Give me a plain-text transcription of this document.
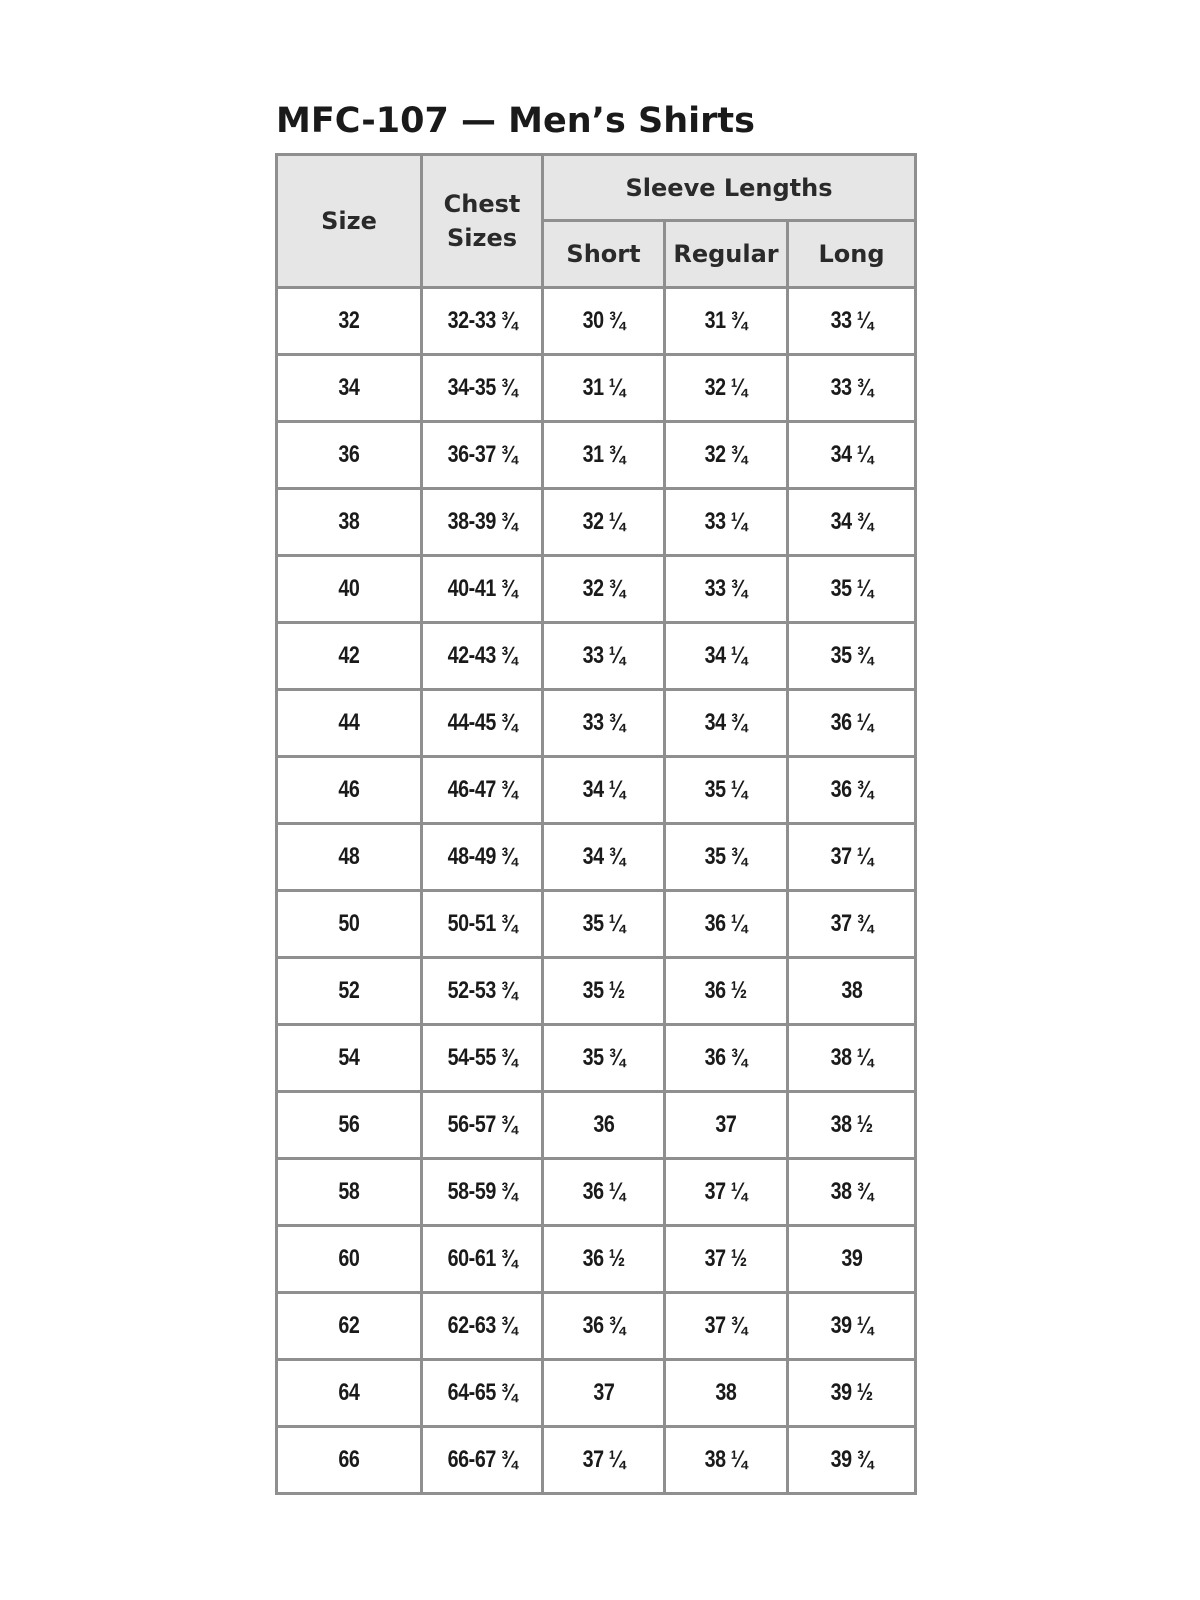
MFC-107 — Men’s Shirts
Size	Chest Sizes	Sleeve Lengths		
		Short	Regular	Long
32	32-33 ¾	30 ¾	31 ¾	33 ¼
34	34-35 ¾	31 ¼	32 ¼	33 ¾
36	36-37 ¾	31 ¾	32 ¾	34 ¼
38	38-39 ¾	32 ¼	33 ¼	34 ¾
40	40-41 ¾	32 ¾	33 ¾	35 ¼
42	42-43 ¾	33 ¼	34 ¼	35 ¾
44	44-45 ¾	33 ¾	34 ¾	36 ¼
46	46-47 ¾	34 ¼	35 ¼	36 ¾
48	48-49 ¾	34 ¾	35 ¾	37 ¼
50	50-51 ¾	35 ¼	36 ¼	37 ¾
52	52-53 ¾	35 ½	36 ½	38
54	54-55 ¾	35 ¾	36 ¾	38 ¼
56	56-57 ¾	36	37	38 ½
58	58-59 ¾	36 ¼	37 ¼	38 ¾
60	60-61 ¾	36 ½	37 ½	39
62	62-63 ¾	36 ¾	37 ¾	39 ¼
64	64-65 ¾	37	38	39 ½
66	66-67 ¾	37 ¼	38 ¼	39 ¾
